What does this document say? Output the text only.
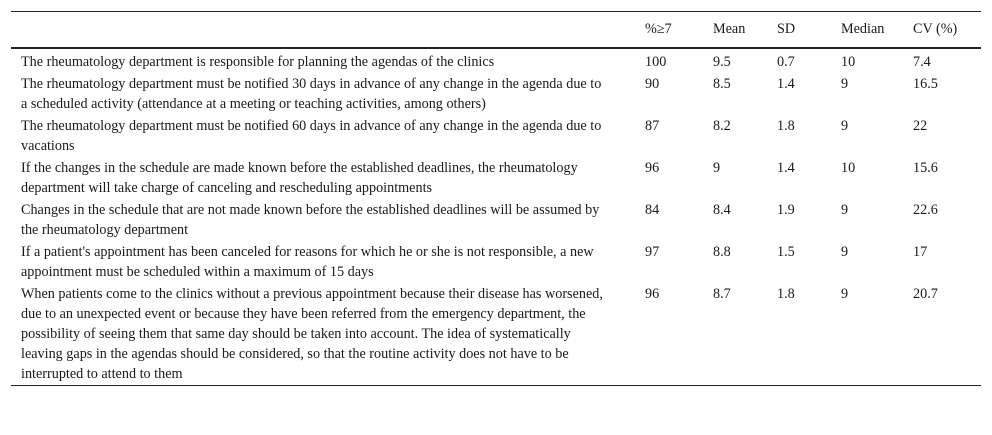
	%≥7	Mean	SD	Median	CV (%)
The rheumatology department is responsible for planning the agendas of the clinics	100	9.5	0.7	10	7.4
The rheumatology department must be notified 30 days in advance of any change in the agenda due to a scheduled activity (attendance at a meeting or teaching activities, among others)	90	8.5	1.4	9	16.5
The rheumatology department must be notified 60 days in advance of any change in the agenda due to vacations	87	8.2	1.8	9	22
If the changes in the schedule are made known before the established deadlines, the rheumatology department will take charge of canceling and rescheduling appointments	96	9	1.4	10	15.6
Changes in the schedule that are not made known before the established deadlines will be assumed by the rheumatology department	84	8.4	1.9	9	22.6
If a patient's appointment has been canceled for reasons for which he or she is not responsible, a new appointment must be scheduled within a maximum of 15 days	97	8.8	1.5	9	17
When patients come to the clinics without a previous appointment because their disease has worsened, due to an unexpected event or because they have been referred from the emergency department, the possibility of seeing them that same day should be taken into account. The idea of systematically leaving gaps in the agendas should be considered, so that the routine activity does not have to be interrupted to attend to them	96	8.7	1.8	9	20.7
